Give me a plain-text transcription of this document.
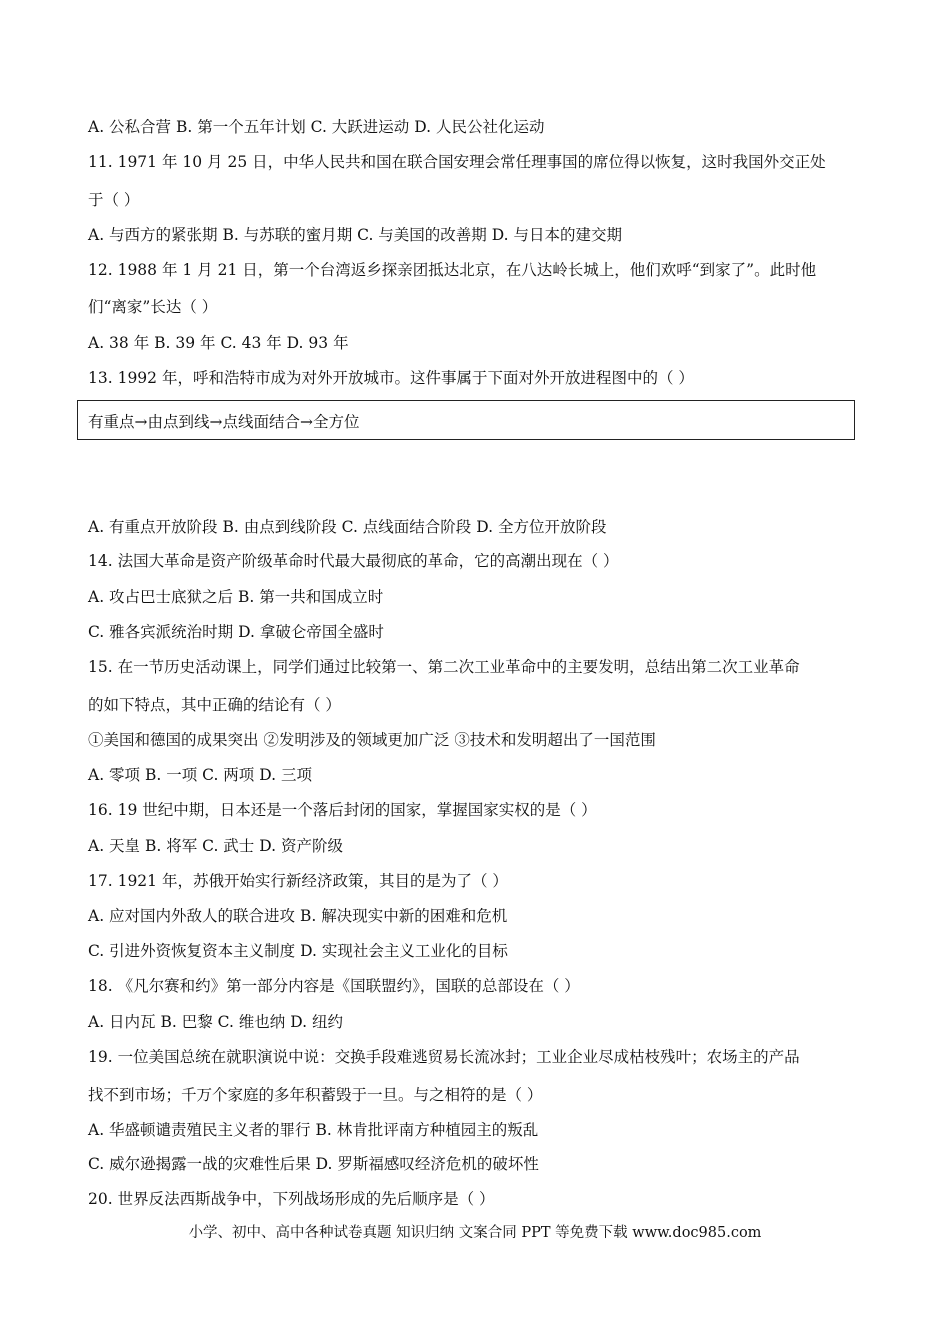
A. 公私合营 B. 第一个五年计划 C. 大跃进运动 D. 人民公社化运动
11. 1971 年 10 月 25 日，中华人民共和国在联合国安理会常任理事国的席位得以恢复，这时我国外交正处
于（ ）
A. 与西方的紧张期 B. 与苏联的蜜月期 C. 与美国的改善期 D. 与日本的建交期
12. 1988 年 1 月 21 日，第一个台湾返乡探亲团抵达北京，在八达岭长城上，他们欢呼“到家了”。此时他
们“离家”长达（ ）
A. 38 年 B. 39 年 C. 43 年 D. 93 年
13. 1992 年，呼和浩特市成为对外开放城市。这件事属于下面对外开放进程图中的（ ）
有重点→由点到线→点线面结合→全方位
A. 有重点开放阶段 B. 由点到线阶段 C. 点线面结合阶段 D. 全方位开放阶段
14. 法国大革命是资产阶级革命时代最大最彻底的革命，它的高潮出现在（ ）
A. 攻占巴士底狱之后 B. 第一共和国成立时
C. 雅各宾派统治时期 D. 拿破仑帝国全盛时
15. 在一节历史活动课上，同学们通过比较第一、第二次工业革命中的主要发明，总结出第二次工业革命
的如下特点，其中正确的结论有（ ）
①美国和德国的成果突出 ②发明涉及的领域更加广泛 ③技术和发明超出了一国范围
A. 零项 B. 一项 C. 两项 D. 三项
16. 19 世纪中期，日本还是一个落后封闭的国家，掌握国家实权的是（ ）
A. 天皇 B. 将军 C. 武士 D. 资产阶级
17. 1921 年，苏俄开始实行新经济政策，其目的是为了（ ）
A. 应对国内外敌人的联合进攻 B. 解决现实中新的困难和危机
C. 引进外资恢复资本主义制度 D. 实现社会主义工业化的目标
18. 《凡尔赛和约》第一部分内容是《国联盟约》，国联的总部设在（ ）
A. 日内瓦 B. 巴黎 C. 维也纳 D. 纽约
19. 一位美国总统在就职演说中说：交换手段难逃贸易长流冰封；工业企业尽成枯枝残叶；农场主的产品
找不到市场；千万个家庭的多年积蓄毁于一旦。与之相符的是（ ）
A. 华盛顿谴责殖民主义者的罪行 B. 林肯批评南方种植园主的叛乱
C. 威尔逊揭露一战的灾难性后果 D. 罗斯福感叹经济危机的破坏性
20. 世界反法西斯战争中，下列战场形成的先后顺序是（ ）
小学、初中、高中各种试卷真题 知识归纳 文案合同 PPT 等免费下载 www.doc985.com
